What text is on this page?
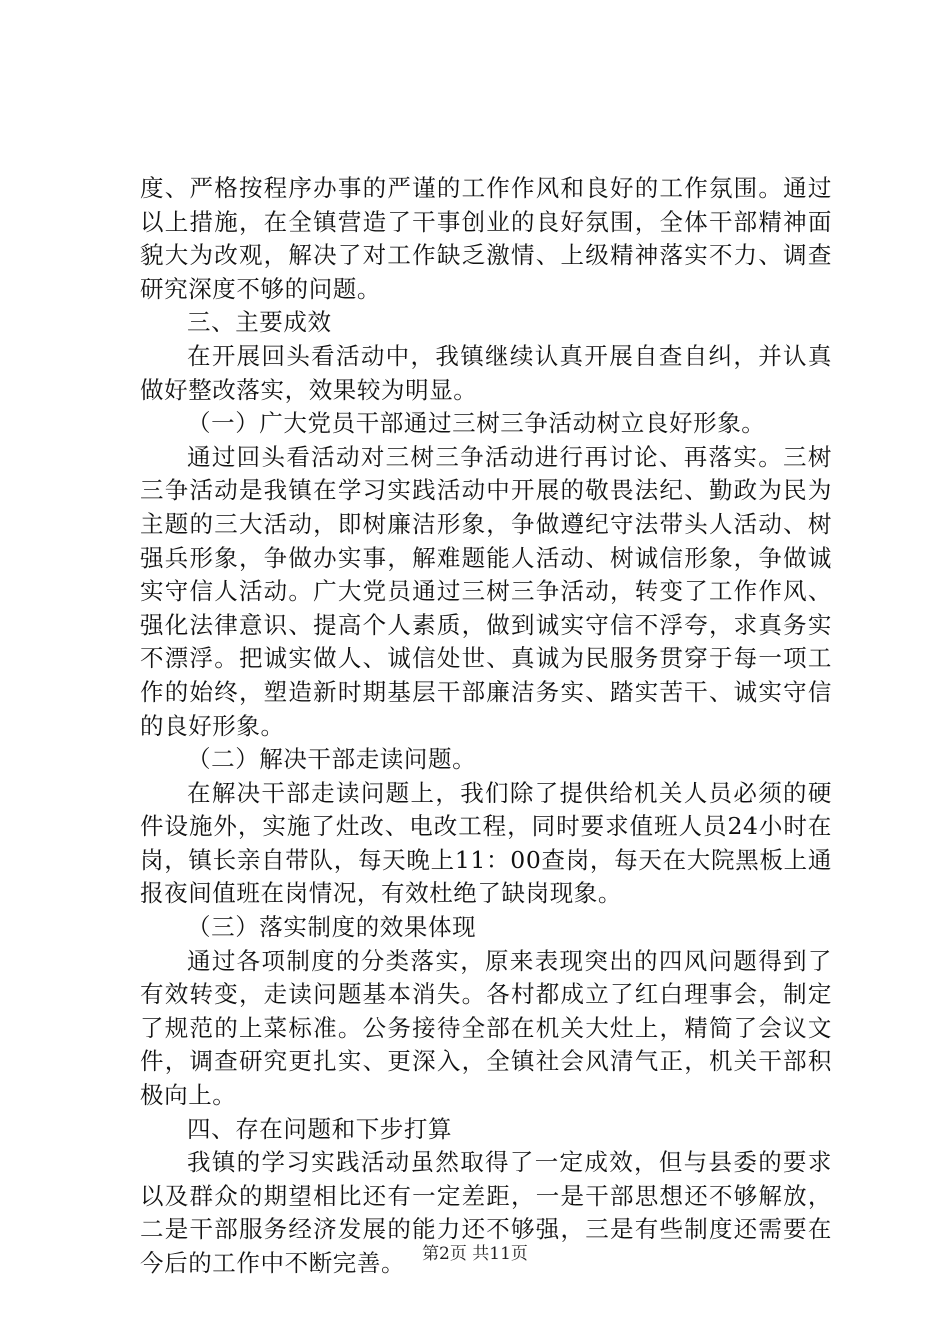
度、严格按程序办事的严谨的工作作风和良好的工作氛围。通过以上措施，在全镇营造了干事创业的良好氛围，全体干部精神面貌大为改观，解决了对工作缺乏激情、上级精神落实不力、调查研究深度不够的问题。

三、主要成效

在开展回头看活动中，我镇继续认真开展自查自纠，并认真做好整改落实，效果较为明显。

（一）广大党员干部通过三树三争活动树立良好形象。

通过回头看活动对三树三争活动进行再讨论、再落实。三树三争活动是我镇在学习实践活动中开展的敬畏法纪、勤政为民为主题的三大活动，即树廉洁形象，争做遵纪守法带头人活动、树强兵形象，争做办实事，解难题能人活动、树诚信形象，争做诚实守信人活动。广大党员通过三树三争活动，转变了工作作风、强化法律意识、提高个人素质，做到诚实守信不浮夸，求真务实不漂浮。把诚实做人、诚信处世、真诚为民服务贯穿于每一项工作的始终，塑造新时期基层干部廉洁务实、踏实苦干、诚实守信的良好形象。

（二）解决干部走读问题。

在解决干部走读问题上，我们除了提供给机关人员必须的硬件设施外，实施了灶改、电改工程，同时要求值班人员24小时在岗，镇长亲自带队，每天晚上11：00查岗，每天在大院黑板上通报夜间值班在岗情况，有效杜绝了缺岗现象。

（三）落实制度的效果体现

通过各项制度的分类落实，原来表现突出的四风问题得到了有效转变，走读问题基本消失。各村都成立了红白理事会，制定了规范的上菜标准。公务接待全部在机关大灶上，精简了会议文件，调查研究更扎实、更深入，全镇社会风清气正，机关干部积极向上。

四、存在问题和下步打算

我镇的学习实践活动虽然取得了一定成效，但与县委的要求以及群众的期望相比还有一定差距，一是干部思想还不够解放，二是干部服务经济发展的能力还不够强，三是有些制度还需要在今后的工作中不断完善。 第2页 共11页
